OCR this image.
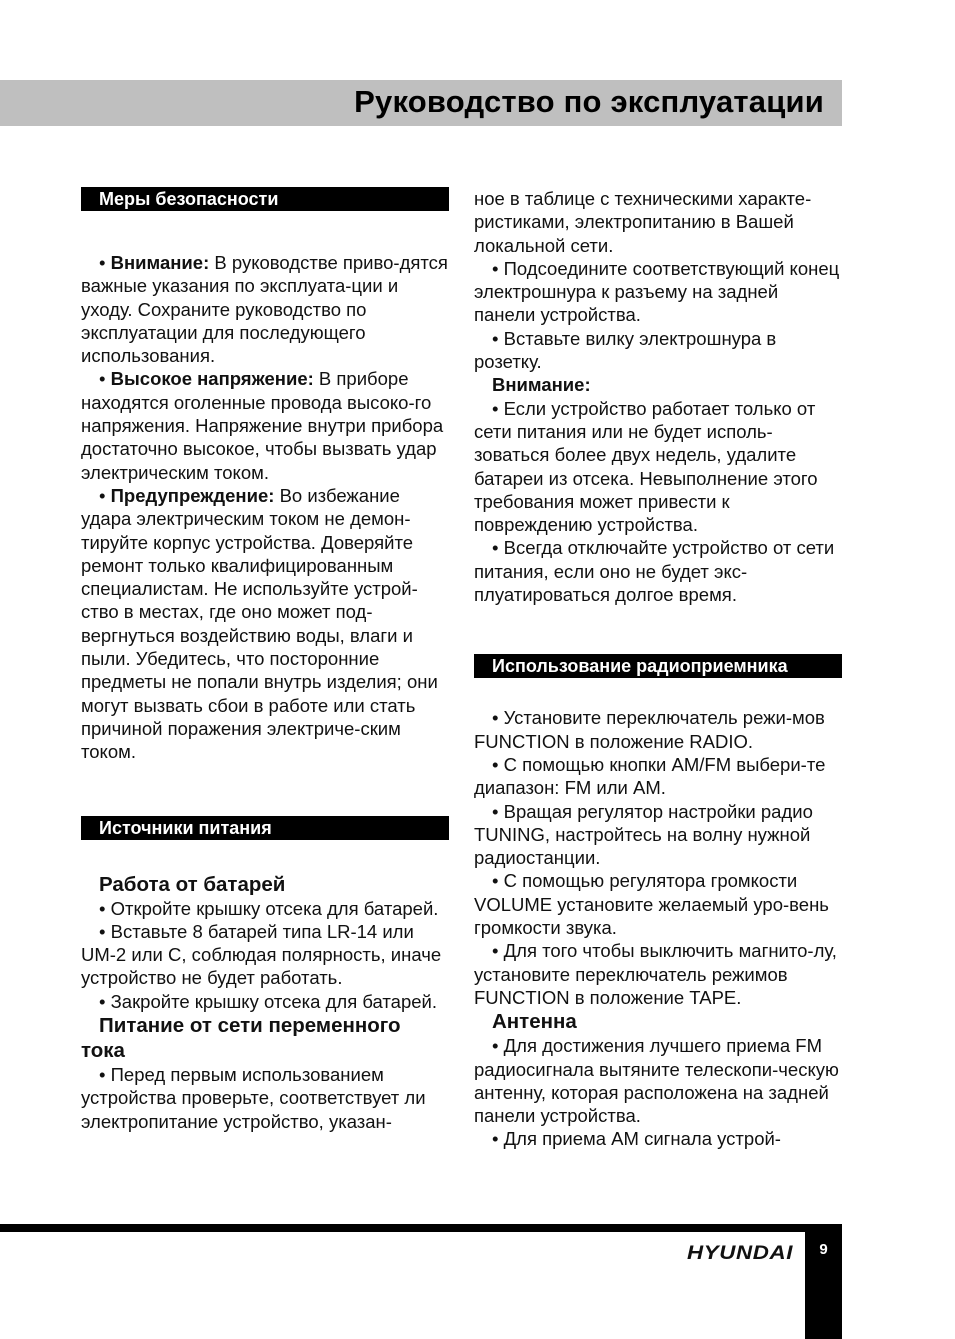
Руководство по эксплуатации
Меры безопасности

• Внимание: В руководстве приво-дятся важные указания по эксплуата-ции и уходу. Сохраните руководство по эксплуатации для последующего использования.

• Высокое напряжение: В приборе находятся оголенные провода высоко-го напряжения. Напряжение внутри прибора достаточно высокое, чтобы вызвать удар электрическим током.

• Предупреждение: Во избежание удара электрическим током не демон-тируйте корпус устройства. Доверяйте ремонт только квалифицированным специалистам. Не используйте устрой-ство в местах, где оно может под-вергнуться воздействию воды, влаги и пыли. Убедитесь, что посторонние предметы не попали внутрь изделия; они могут вызвать сбои в работе или стать причиной поражения электриче-ским током.

Источники питания

Работа от батарей

• Откройте крышку отсека для батарей.

• Вставьте 8 батарей типа LR-14 или UM-2 или C, соблюдая полярность, иначе устройство не будет работать.

• Закройте крышку отсека для батарей.

Питание от сети переменного тока

• Перед первым использованием устройства проверьте, соответствует ли электропитание устройство, указан-

ное в таблице с техническими характе-ристиками, электропитанию в Вашей локальной сети.

• Подсоедините соответствующий конец электрошнура к разъему на задней панели устройства.

• Вставьте вилку электрошнура в розетку.

Внимание:

• Если устройство работает только от сети питания или не будет исполь-зоваться более двух недель, удалите батареи из отсека. Невыполнение этого требования может привести к повреждению устройства.

• Всегда отключайте устройство от сети питания, если оно не будет экс-плуатироваться долгое время.

Использование радиоприемника

• Установите переключатель режи-мов FUNCTION в положение RADIO.

• С помощью кнопки AM/FM выбери-те диапазон: FM или AM.

• Вращая регулятор настройки радио TUNING, настройтесь на волну нужной радиостанции.

• С помощью регулятора громкости VOLUME установите желаемый уро-вень громкости звука.

• Для того чтобы выключить магнито-лу, установите переключатель режимов FUNCTION в положение TAPE.

Антенна

• Для достижения лучшего приема FM радиосигнала вытяните телескопи-ческую антенну, которая расположена на задней панели устройства.

• Для приема AM сигнала устрой-

HYUNDAI	9
